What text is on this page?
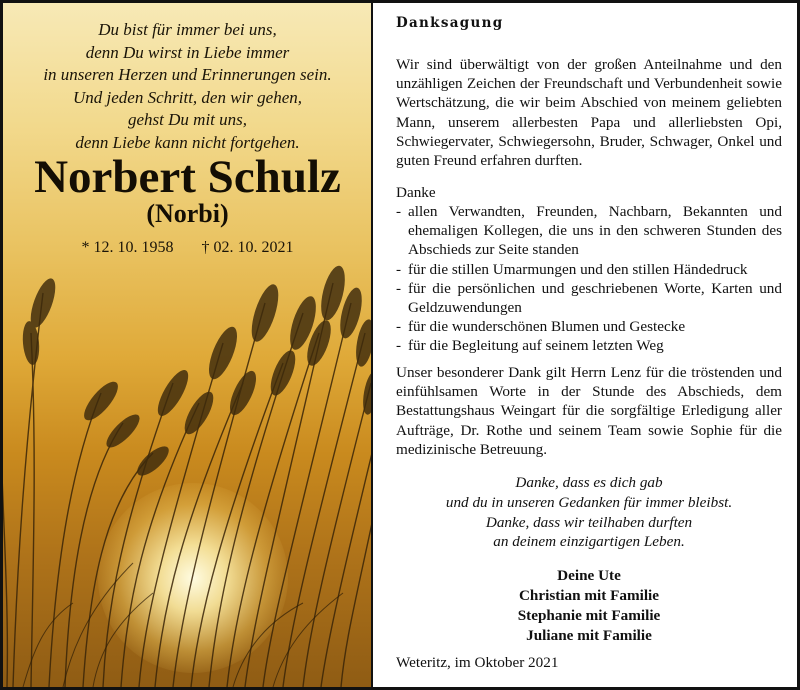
Du bist für immer bei uns,
denn Du wirst in Liebe immer
in unseren Herzen und Erinnerungen sein.
Und jeden Schritt, den wir gehen,
gehst Du mit uns,
denn Liebe kann nicht fortgehen.
Norbert Schulz
(Norbi)
* 12. 10. 1958 † 02. 10. 2021
Danksagung
Wir sind überwältigt von der großen Anteilnahme und den unzähligen Zeichen der Freundschaft und Verbundenheit sowie Wertschätzung, die wir beim Abschied von meinem geliebten Mann, unserem allerbesten Papa und allerliebsten Opi, Schwiegervater, Schwiegersohn, Bruder, Schwager, Onkel und guten Freund erfahren durften.
Danke
- allen Verwandten, Freunden, Nachbarn, Bekannten und ehemaligen Kollegen, die uns in den schweren Stunden des Abschieds zur Seite standen
- für die stillen Umarmungen und den stillen Händedruck
- für die persönlichen und geschriebenen Worte, Karten und Geldzuwendungen
- für die wunderschönen Blumen und Gestecke
- für die Begleitung auf seinem letzten Weg
Unser besonderer Dank gilt Herrn Lenz für die tröstenden und einfühlsamen Worte in der Stunde des Abschieds, dem Bestattungshaus Weingart für die sorgfältige Erledigung aller Aufträge, Dr. Rothe und seinem Team sowie Sophie für die medizinische Betreuung.
Danke, dass es dich gab
und du in unseren Gedanken für immer bleibst.
Danke, dass wir teilhaben durften
an deinem einzigartigen Leben.
Deine Ute
Christian mit Familie
Stephanie mit Familie
Juliane mit Familie
Weteritz, im Oktober 2021
